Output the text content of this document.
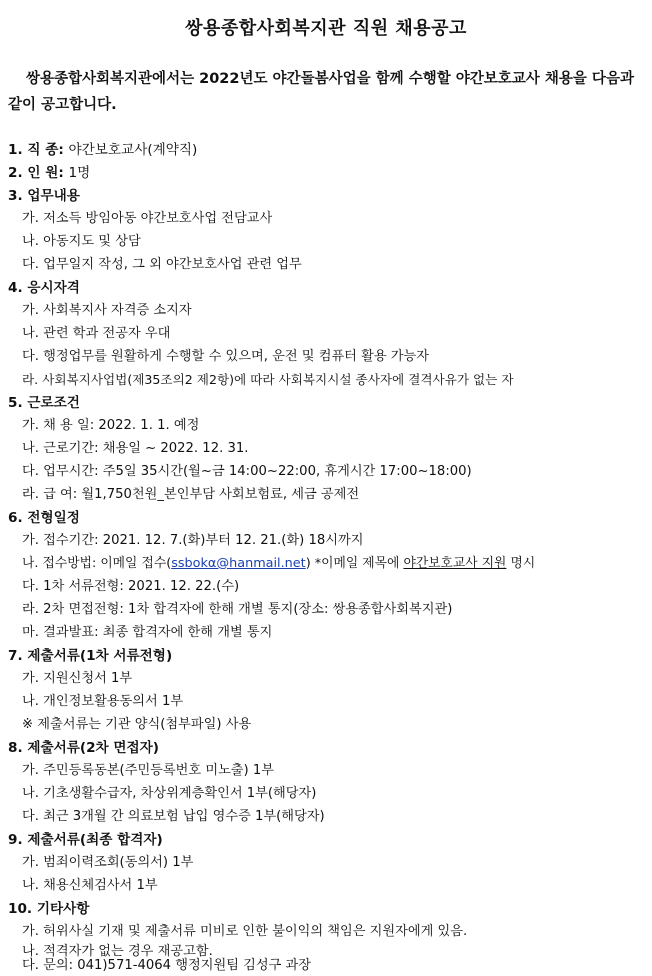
쌍용종합사회복지관 직원 채용공고
쌍용종합사회복지관에서는 2022년도 야간돌봄사업을 함께 수행할 야간보호교사 채용을 다음과 같이 공고합니다.
1. 직 종: 야간보호교사(계약직)
2. 인 원: 1명
3. 업무내용
가. 저소득 방임아동 야간보호사업 전담교사
나. 아동지도 및 상담
다. 업무일지 작성, 그 외 야간보호사업 관련 업무
4. 응시자격
가. 사회복지사 자격증 소지자
나. 관련 학과 전공자 우대
다. 행정업무를 원활하게 수행할 수 있으며, 운전 및 컴퓨터 활용 가능자
라. 사회복지사업법(제35조의2 제2항)에 따라 사회복지시설 종사자에 결격사유가 없는 자
5. 근로조건
가. 채 용 일: 2022. 1. 1. 예정
나. 근로기간: 채용일 ~ 2022. 12. 31.
다. 업무시간: 주5일 35시간(월~금 14:00~22:00, 휴게시간 17:00~18:00)
라. 급 여: 월1,750천원_본인부담 사회보험료, 세금 공제전
6. 전형일정
가. 접수기간: 2021. 12. 7.(화)부터 12. 21.(화) 18시까지
나. 접수방법: 이메일 접수(ssbokα@hanmail.net) *이메일 제목에 야간보호교사 지원 명시
다. 1차 서류전형: 2021. 12. 22.(수)
라. 2차 면접전형: 1차 합격자에 한해 개별 통지(장소: 쌍용종합사회복지관)
마. 결과발표: 최종 합격자에 한해 개별 통지
7. 제출서류(1차 서류전형)
가. 지원신청서 1부
나. 개인정보활용동의서 1부
※ 제출서류는 기관 양식(첨부파일) 사용
8. 제출서류(2차 면접자)
가. 주민등록동본(주민등록번호 미노출) 1부
나. 기초생활수급자, 차상위계층확인서 1부(해당자)
다. 최근 3개월 간 의료보험 납입 영수증 1부(해당자)
9. 제출서류(최종 합격자)
가. 범죄이력조회(동의서) 1부
나. 채용신체검사서 1부
10. 기타사항
가. 허위사실 기재 및 제출서류 미비로 인한 불이익의 책임은 지원자에게 있음.
나. 적격자가 없는 경우 재공고함.
다. 문의: 041)571-4064 행정지원팀 김성구 과장
